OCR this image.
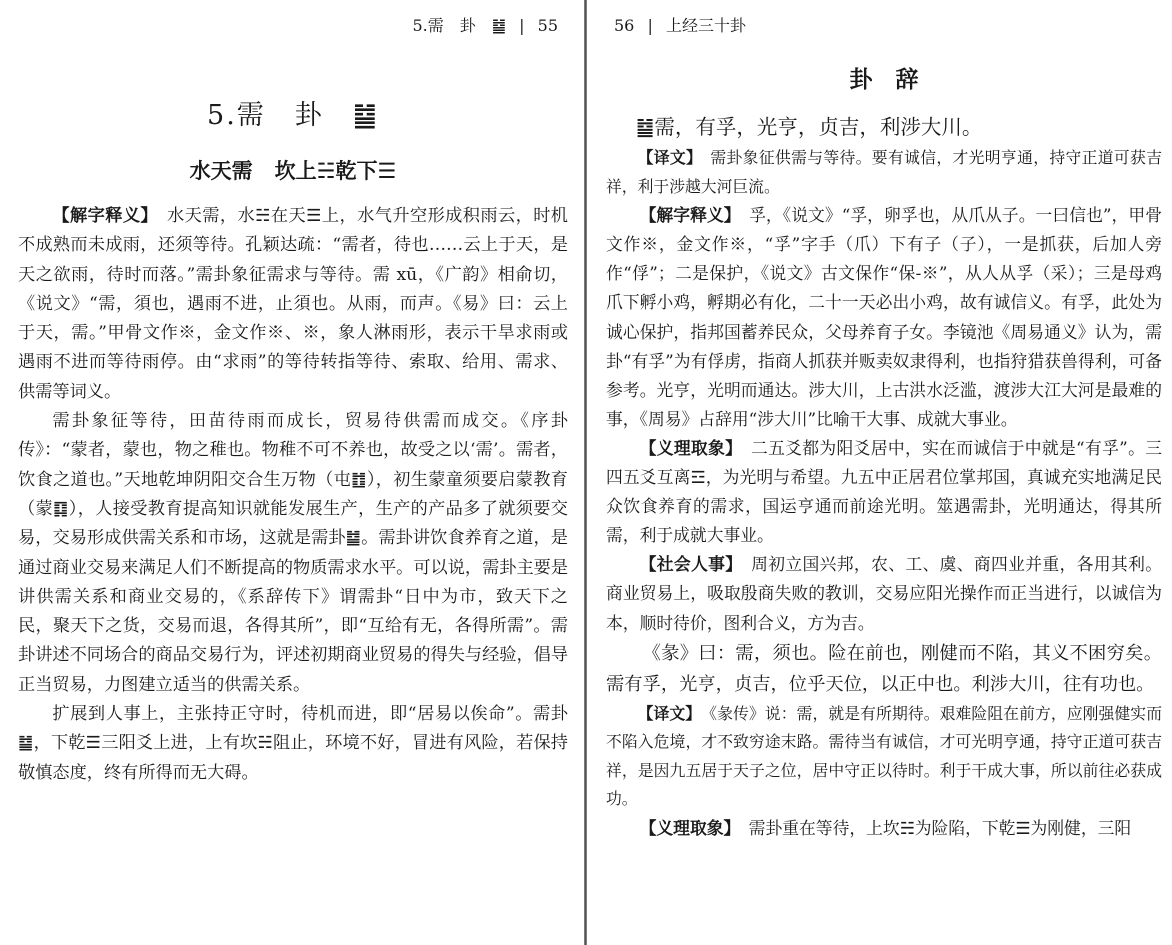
5.需　卦　䷄ | 55
5.需　卦　䷄
水天需 坎上☵乾下☰

【解字释义】　水天需，水☵在天☰上，水气升空形成积雨云，时机不成熟而未成雨，还须等待。孔颖达疏：“需者，待也……云上于天，是天之欲雨，待时而落。”需卦象征需求与等待。需 xū，《广韵》相俞切，《说文》“需，須也，遇雨不进，止須也。从雨，而声。《易》曰：云上于天，需。”甲骨文作※，金文作※、※，象人淋雨形，表示干旱求雨或遇雨不进而等待雨停。由“求雨”的等待转指等待、索取、给用、需求、供需等词义。

需卦象征等待，田苗待雨而成长，贸易待供需而成交。《序卦传》：“蒙者，蒙也，物之稚也。物稚不可不养也，故受之以‘需’。需者，饮食之道也。”天地乾坤阴阳交合生万物（屯䷂），初生蒙童须要启蒙教育（蒙䷃），人接受教育提高知识就能发展生产，生产的产品多了就须要交易，交易形成供需关系和市场，这就是需卦䷄。需卦讲饮食养育之道，是通过商业交易来满足人们不断提高的物质需求水平。可以说，需卦主要是讲供需关系和商业交易的，《系辞传下》谓需卦“日中为市，致天下之民，聚天下之货，交易而退，各得其所”，即“互给有无，各得所需”。需卦讲述不同场合的商品交易行为，评述初期商业贸易的得失与经验，倡导正当贸易，力图建立适当的供需关系。

扩展到人事上，主张持正守时，待机而进，即“居易以俟命”。需卦䷄，下乾☰三阳爻上进，上有坎☵阻止，环境不好，冒进有风险，若保持敬慎态度，终有所得而无大碍。

56 | 上经三十卦
卦　辞
䷄需，有孚，光亨，贞吉，利涉大川。

【译文】　需卦象征供需与等待。要有诚信，才光明亨通，持守正道可获吉祥，利于涉越大河巨流。

【解字释义】　孚，《说文》“孚，卵孚也，从爪从子。一曰信也”，甲骨文作※，金文作※，“孚”字手（爪）下有子（子），一是抓获，后加人旁作“俘”；二是保护，《说文》古文保作“保-※”，从人从孚（采）；三是母鸡爪下孵小鸡，孵期必有化，二十一天必出小鸡，故有诚信义。有孚，此处为诚心保护，指邦国蓄养民众，父母养育子女。李镜池《周易通义》认为，需卦“有孚”为有俘虏，指商人抓获并贩卖奴隶得利，也指狩猎获兽得利，可备参考。光亨，光明而通达。涉大川，上古洪水泛滥，渡涉大江大河是最难的事，《周易》占辞用“涉大川”比喻干大事、成就大事业。

【义理取象】　二五爻都为阳爻居中，实在而诚信于中就是“有孚”。三四五爻互离☲，为光明与希望。九五中正居君位掌邦国，真诚充实地满足民众饮食养育的需求，国运亨通而前途光明。筮遇需卦，光明通达，得其所需，利于成就大事业。

【社会人事】　周初立国兴邦，农、工、虞、商四业并重，各用其利。商业贸易上，吸取殷商失败的教训，交易应阳光操作而正当进行，以诚信为本，顺时待价，图利合义，方为吉。

《彖》曰：需，须也。险在前也，刚健而不陷，其义不困穷矣。需有孚，光亨，贞吉，位乎天位，以正中也。利涉大川，往有功也。

【译文】　《彖传》说：需，就是有所期待。艰难险阻在前方，应刚强健实而不陷入危境，才不致穷途末路。需待当有诚信，才可光明亨通，持守正道可获吉祥，是因九五居于天子之位，居中守正以待时。利于干成大事，所以前往必获成功。

【义理取象】　需卦重在等待，上坎☵为险陷，下乾☰为刚健，三阳
